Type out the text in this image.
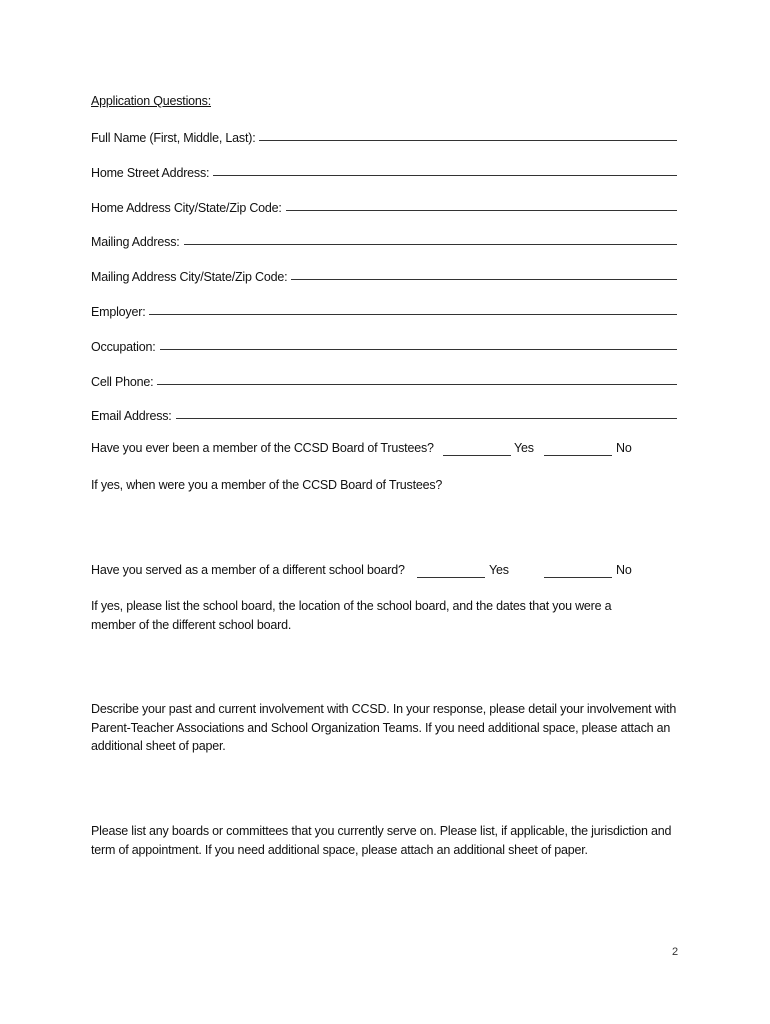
Application Questions:
Full Name (First, Middle, Last):
Home Street Address:
Home Address City/State/Zip Code:
Mailing Address:
Mailing Address City/State/Zip Code:
Employer:
Occupation:
Cell Phone:
Email Address:
Have you ever been a member of the CCSD Board of Trustees?	Yes	No
If yes, when were you a member of the CCSD Board of Trustees?
Have you served as a member of a different school board?	Yes	No
If yes, please list the school board, the location of the school board, and the dates that you were a member of the different school board.
Describe your past and current involvement with CCSD. In your response, please detail your involvement with Parent-Teacher Associations and School Organization Teams. If you need additional space, please attach an additional sheet of paper.
Please list any boards or committees that you currently serve on. Please list, if applicable, the jurisdiction and term of appointment. If you need additional space, please attach an additional sheet of paper.
2
